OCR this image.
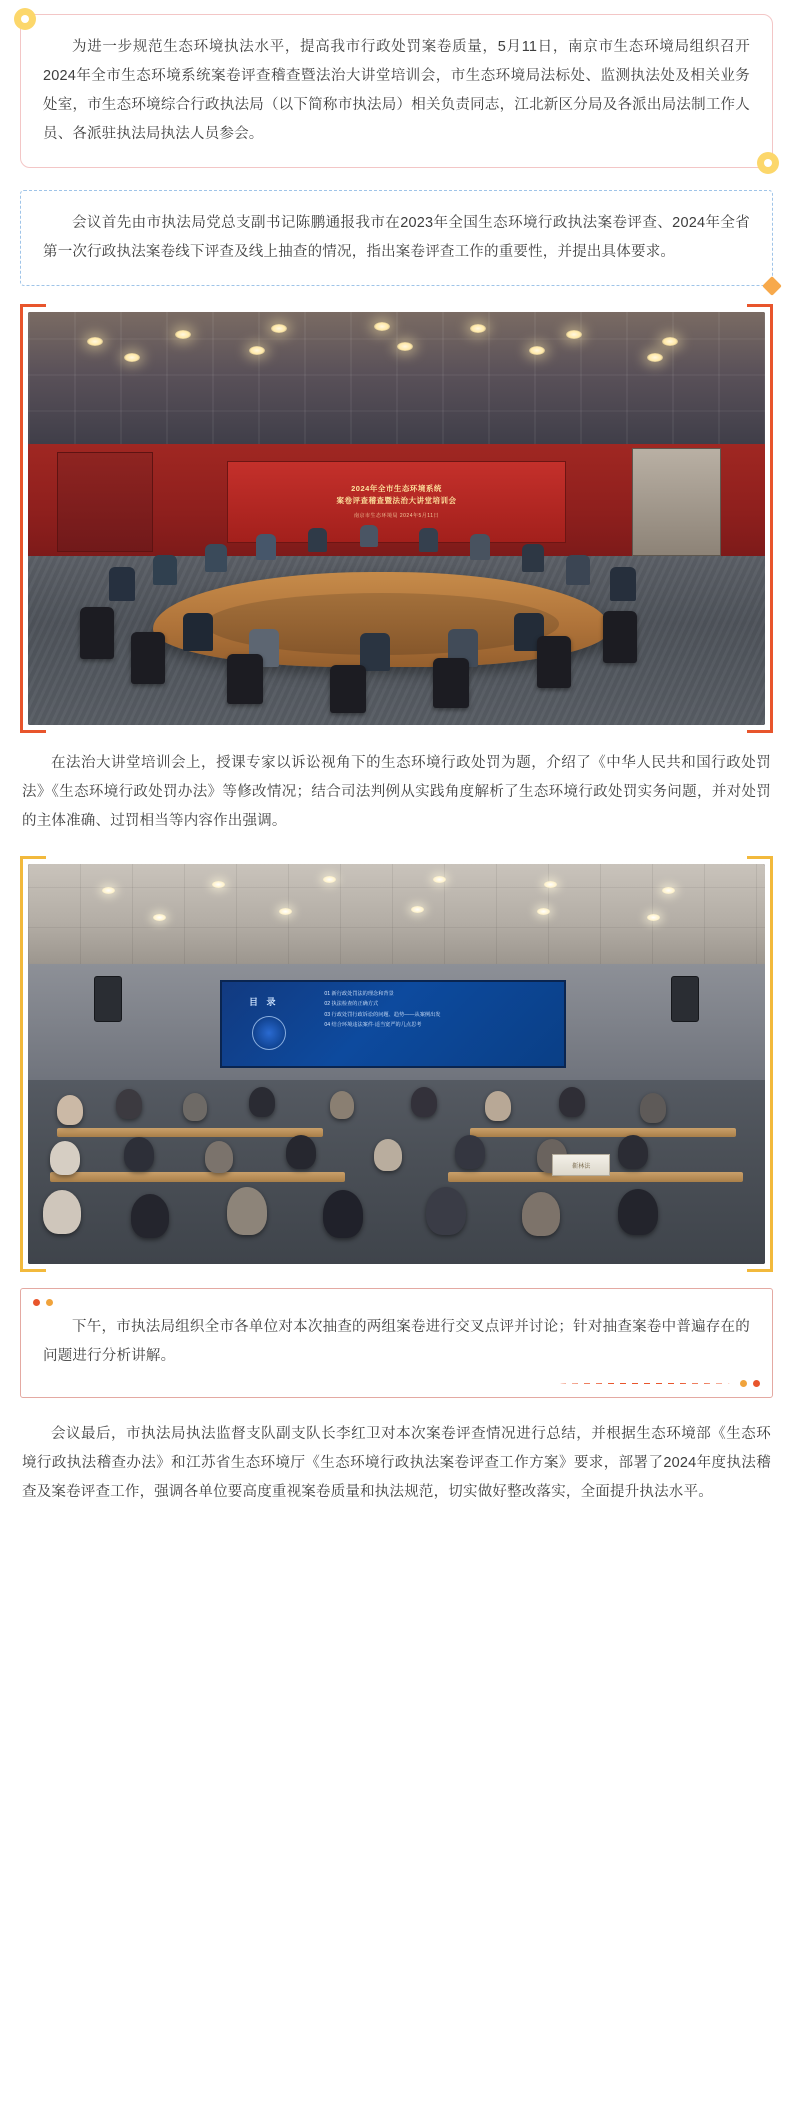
为进一步规范生态环境执法水平，提高我市行政处罚案卷质量，5月11日，南京市生态环境局组织召开2024年全市生态环境系统案卷评查稽查暨法治大讲堂培训会，市生态环境局法标处、监测执法处及相关业务处室，市生态环境综合行政执法局（以下简称市执法局）相关负责同志，江北新区分局及各派出局法制工作人员、各派驻执法局执法人员参会。

会议首先由市执法局党总支副书记陈鹏通报我市在2023年全国生态环境行政执法案卷评查、2024年全省第一次行政执法案卷线下评查及线上抽查的情况，指出案卷评查工作的重要性，并提出具体要求。

2024年全市生态环境系统
案卷评查稽查暨法治大讲堂培训会
南京市生态环境局 2024年5月11日

在法治大讲堂培训会上，授课专家以诉讼视角下的生态环境行政处罚为题，介绍了《中华人民共和国行政处罚法》《生态环境行政处罚办法》等修改情况；结合司法判例从实践角度解析了生态环境行政处罚实务问题，并对处罚的主体准确、过罚相当等内容作出强调。

目 录
01 新行政处罚法的理念和背景
02 执法检查的正确方式
03 行政处罚行政诉讼的问题、趋势——从案例出发
04 结合环境违法案件·适当宽严的几点思考
靳林法

下午，市执法局组织全市各单位对本次抽查的两组案卷进行交叉点评并讨论；针对抽查案卷中普遍存在的问题进行分析讲解。

会议最后，市执法局执法监督支队副支队长李红卫对本次案卷评查情况进行总结，并根据生态环境部《生态环境行政执法稽查办法》和江苏省生态环境厅《生态环境行政执法案卷评查工作方案》要求，部署了2024年度执法稽查及案卷评查工作，强调各单位要高度重视案卷质量和执法规范，切实做好整改落实，全面提升执法水平。
